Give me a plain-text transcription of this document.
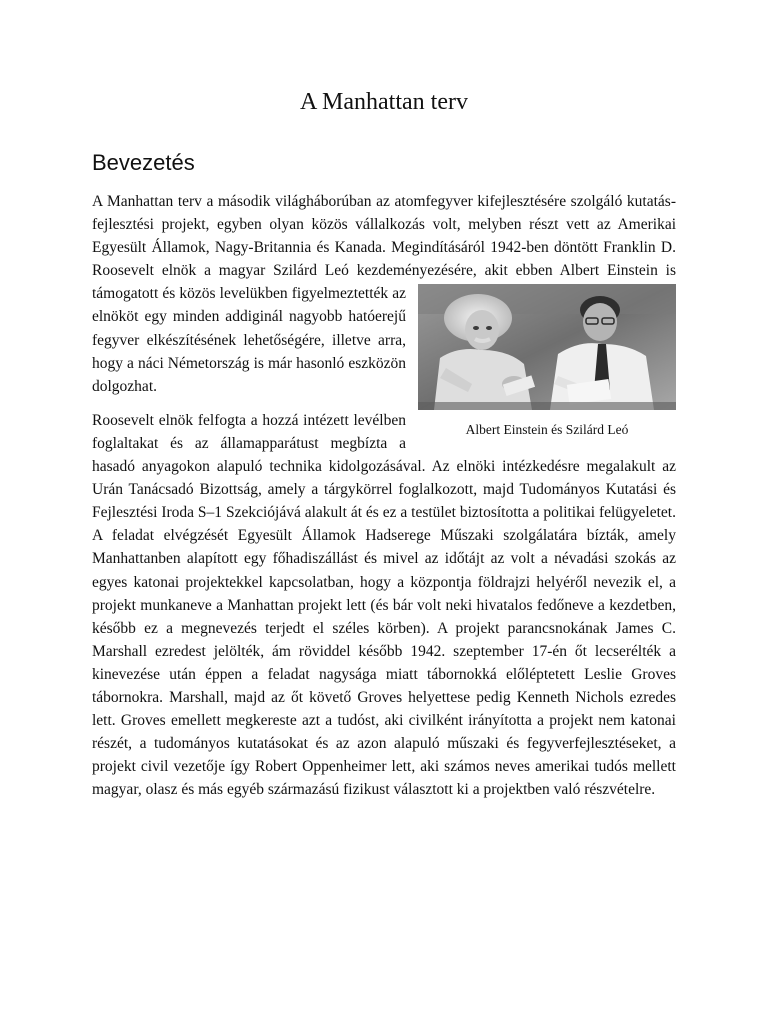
A Manhattan terv
Bevezetés

A Manhattan terv a második világháborúban az atomfegyver kifejlesztésére szolgáló kutatás-fejlesztési projekt, egyben olyan közös vállalkozás volt, melyben részt vett az Amerikai Egyesült Államok, Nagy-Britannia és Kanada. Megindításáról 1942-ben döntött Franklin D. Roosevelt elnök a magyar Szilárd Leó kezdeményezésére, akit ebben Albert Einstein is támogatott és közös
Albert Einstein és Szilárd Leó
levelükben figyelmeztették az elnököt egy minden addiginál nagyobb hatóerejű fegyver elkészítésének lehetőségére, illetve arra, hogy a náci Németország is már hasonló eszközön dolgozhat.

Roosevelt elnök felfogta a hozzá intézett levélben foglaltakat és az államapparátust megbízta a hasadó anyagokon alapuló technika kidolgozásával. Az elnöki intézkedésre megalakult az Urán Tanácsadó Bizottság, amely a tárgykörrel foglalkozott, majd Tudományos Kutatási és Fejlesztési Iroda S–1 Szekciójává alakult át és ez a testület biztosította a politikai felügyeletet. A feladat elvégzését Egyesült Államok Hadserege Műszaki szolgálatára bízták, amely Manhattanben alapított egy főhadiszállást és mivel az időtájt az volt a névadási szokás az egyes katonai projektekkel kapcsolatban, hogy a központja földrajzi helyéről nevezik el, a projekt munkaneve a Manhattan projekt lett (és bár volt neki hivatalos fedőneve a kezdetben, később ez a megnevezés terjedt el széles körben). A projekt parancsnokának James C. Marshall ezredest jelölték, ám röviddel később 1942. szeptember 17-én őt lecserélték a kinevezése után éppen a feladat nagysága miatt tábornokká előléptetett Leslie Groves tábornokra. Marshall, majd az őt követő Groves helyettese pedig Kenneth Nichols ezredes lett. Groves emellett megkereste azt a tudóst, aki civilként irányította a projekt nem katonai részét, a tudományos kutatásokat és az azon alapuló műszaki és fegyverfejlesztéseket, a projekt civil vezetője így Robert Oppenheimer lett, aki számos neves amerikai tudós mellett magyar, olasz és más egyéb származású fizikust választott ki a projektben való részvételre.
